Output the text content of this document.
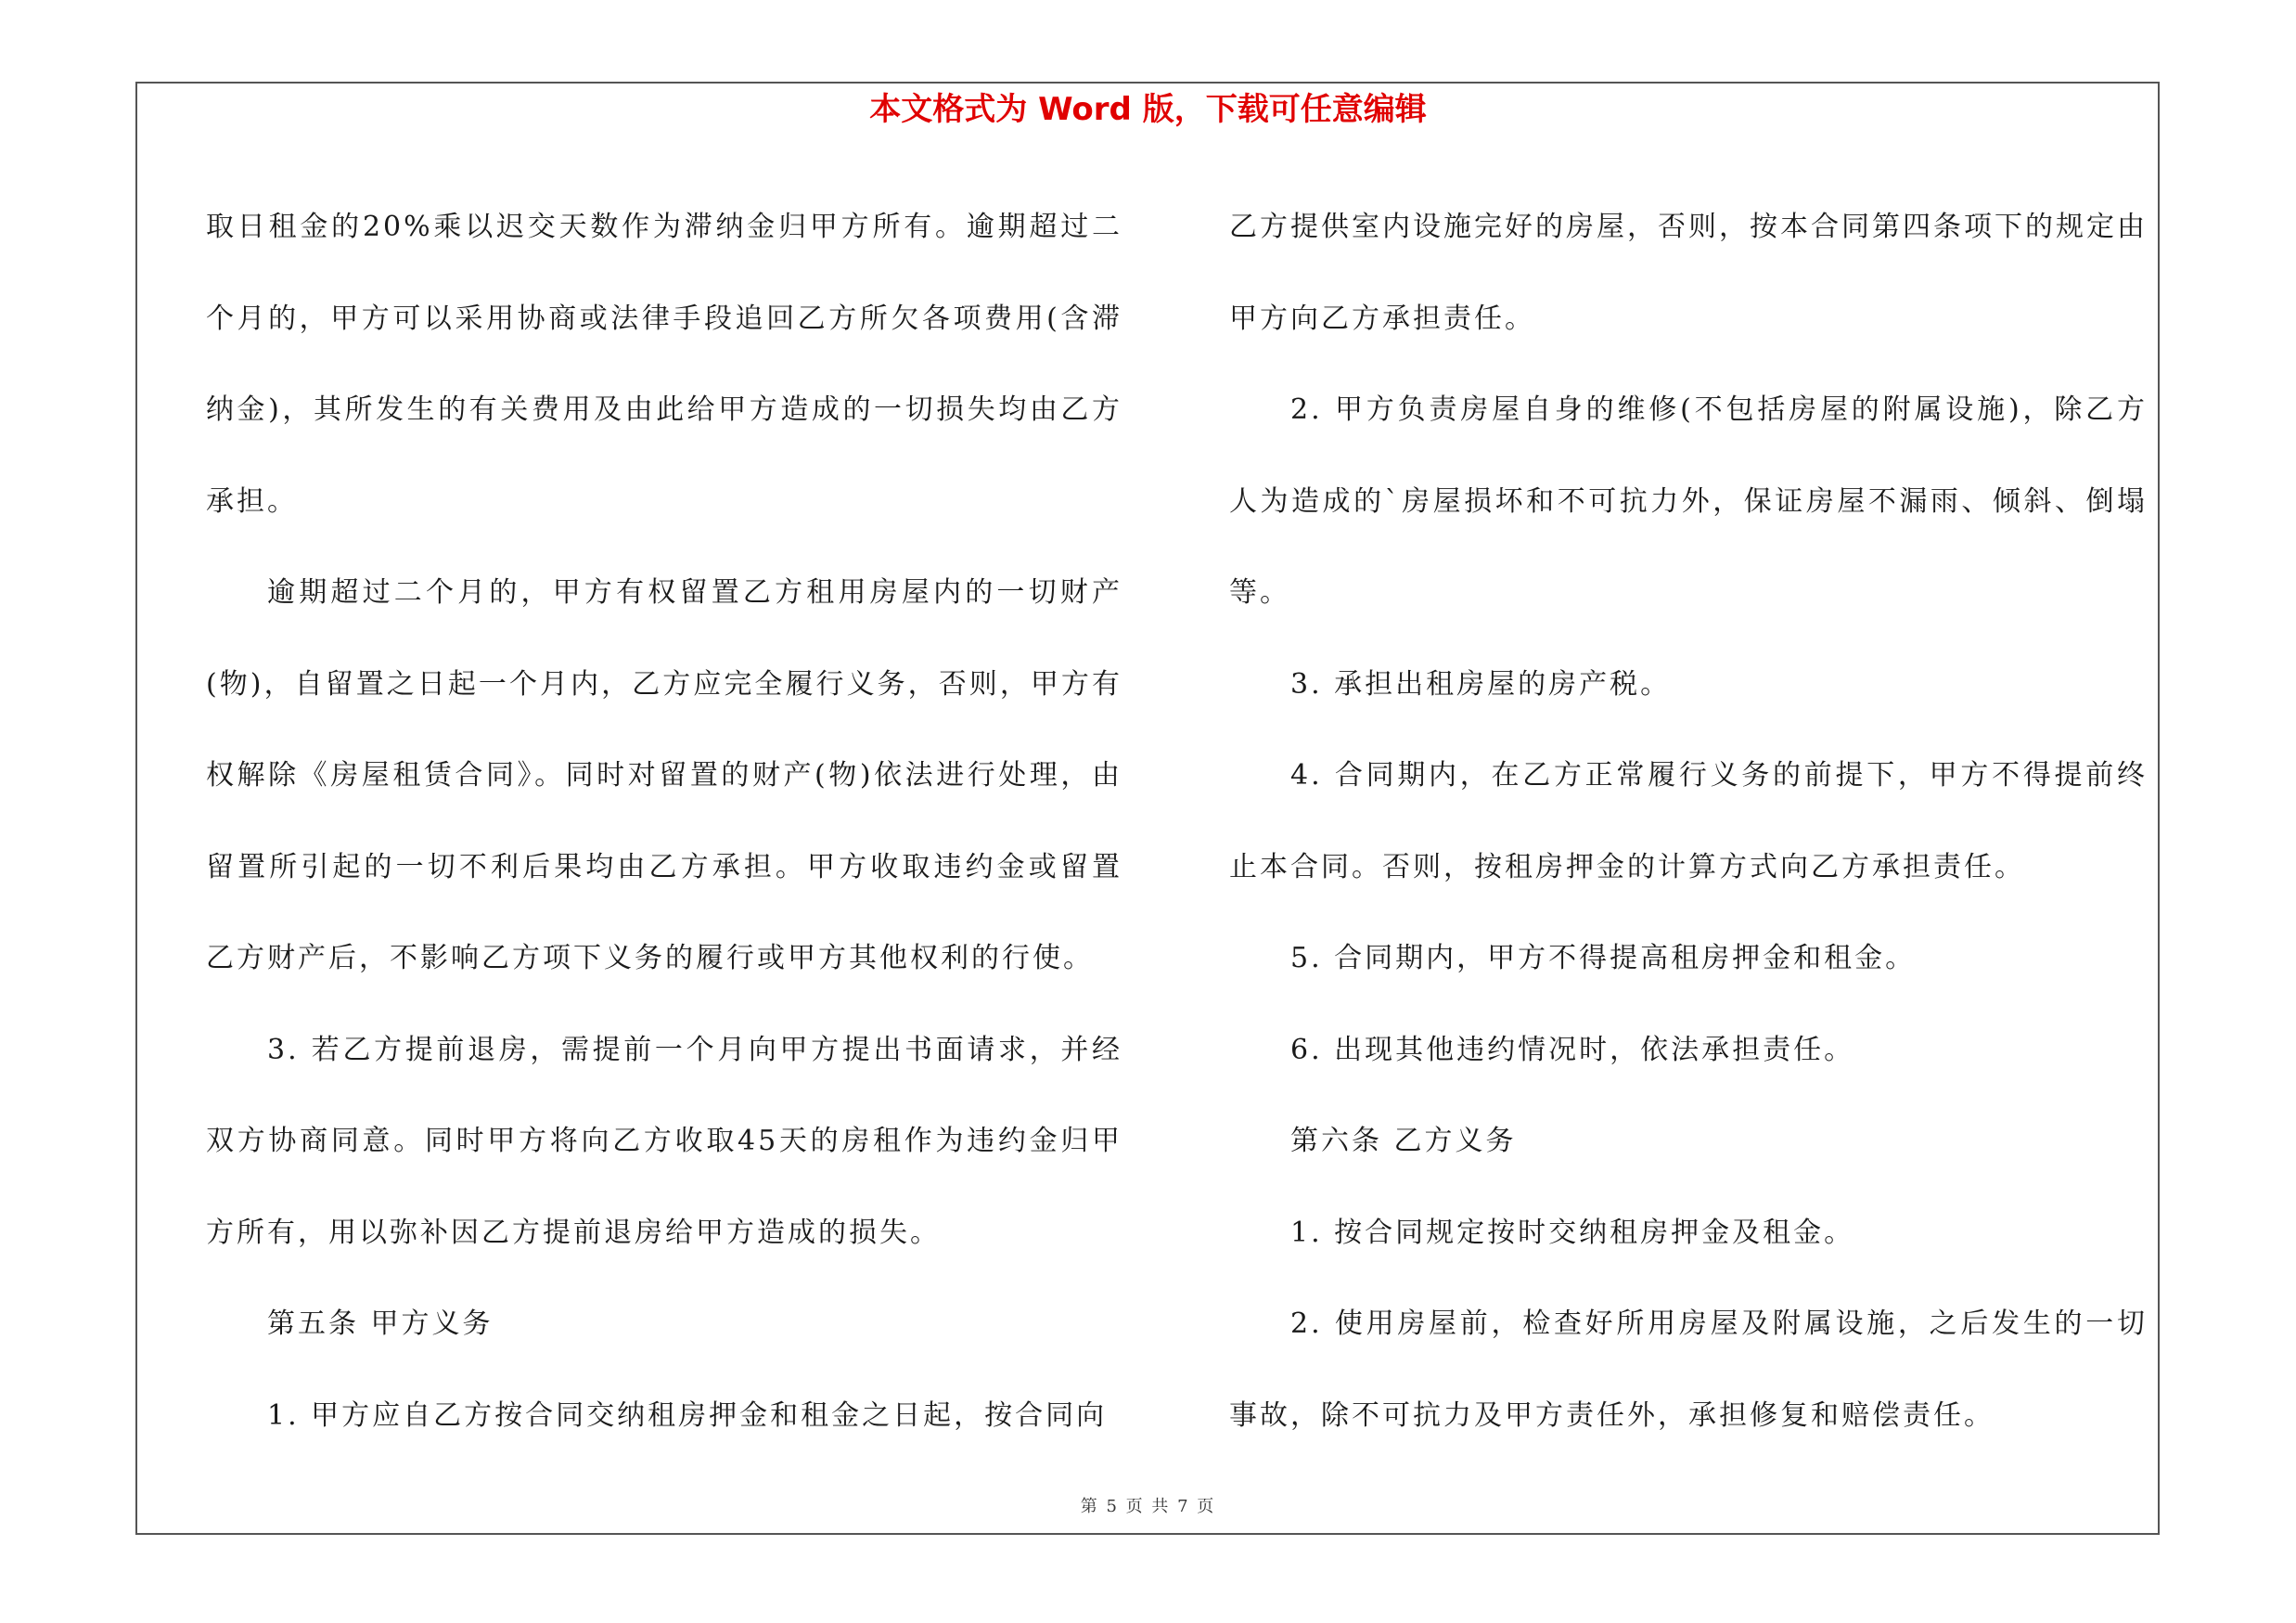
本文格式为 Word 版，下载可任意编辑

取日租金的20%乘以迟交天数作为滞纳金归甲方所有。逾期超过二个月的，甲方可以采用协商或法律手段追回乙方所欠各项费用(含滞纳金)，其所发生的有关费用及由此给甲方造成的一切损失均由乙方承担。

逾期超过二个月的，甲方有权留置乙方租用房屋内的一切财产(物)，自留置之日起一个月内，乙方应完全履行义务，否则，甲方有权解除《房屋租赁合同》。同时对留置的财产(物)依法进行处理，由留置所引起的一切不利后果均由乙方承担。甲方收取违约金或留置乙方财产后，不影响乙方项下义务的履行或甲方其他权利的行使。

3. 若乙方提前退房，需提前一个月向甲方提出书面请求，并经双方协商同意。同时甲方将向乙方收取45天的房租作为违约金归甲方所有，用以弥补因乙方提前退房给甲方造成的损失。

第五条 甲方义务

1. 甲方应自乙方按合同交纳租房押金和租金之日起，按合同向

乙方提供室内设施完好的房屋，否则，按本合同第四条项下的规定由甲方向乙方承担责任。

2. 甲方负责房屋自身的维修(不包括房屋的附属设施)，除乙方人为造成的`房屋损坏和不可抗力外，保证房屋不漏雨、倾斜、倒塌等。

3. 承担出租房屋的房产税。

4. 合同期内，在乙方正常履行义务的前提下，甲方不得提前终止本合同。否则，按租房押金的计算方式向乙方承担责任。

5. 合同期内，甲方不得提高租房押金和租金。

6. 出现其他违约情况时，依法承担责任。

第六条 乙方义务

1. 按合同规定按时交纳租房押金及租金。

2. 使用房屋前，检查好所用房屋及附属设施，之后发生的一切事故，除不可抗力及甲方责任外，承担修复和赔偿责任。

第 5 页 共 7 页
